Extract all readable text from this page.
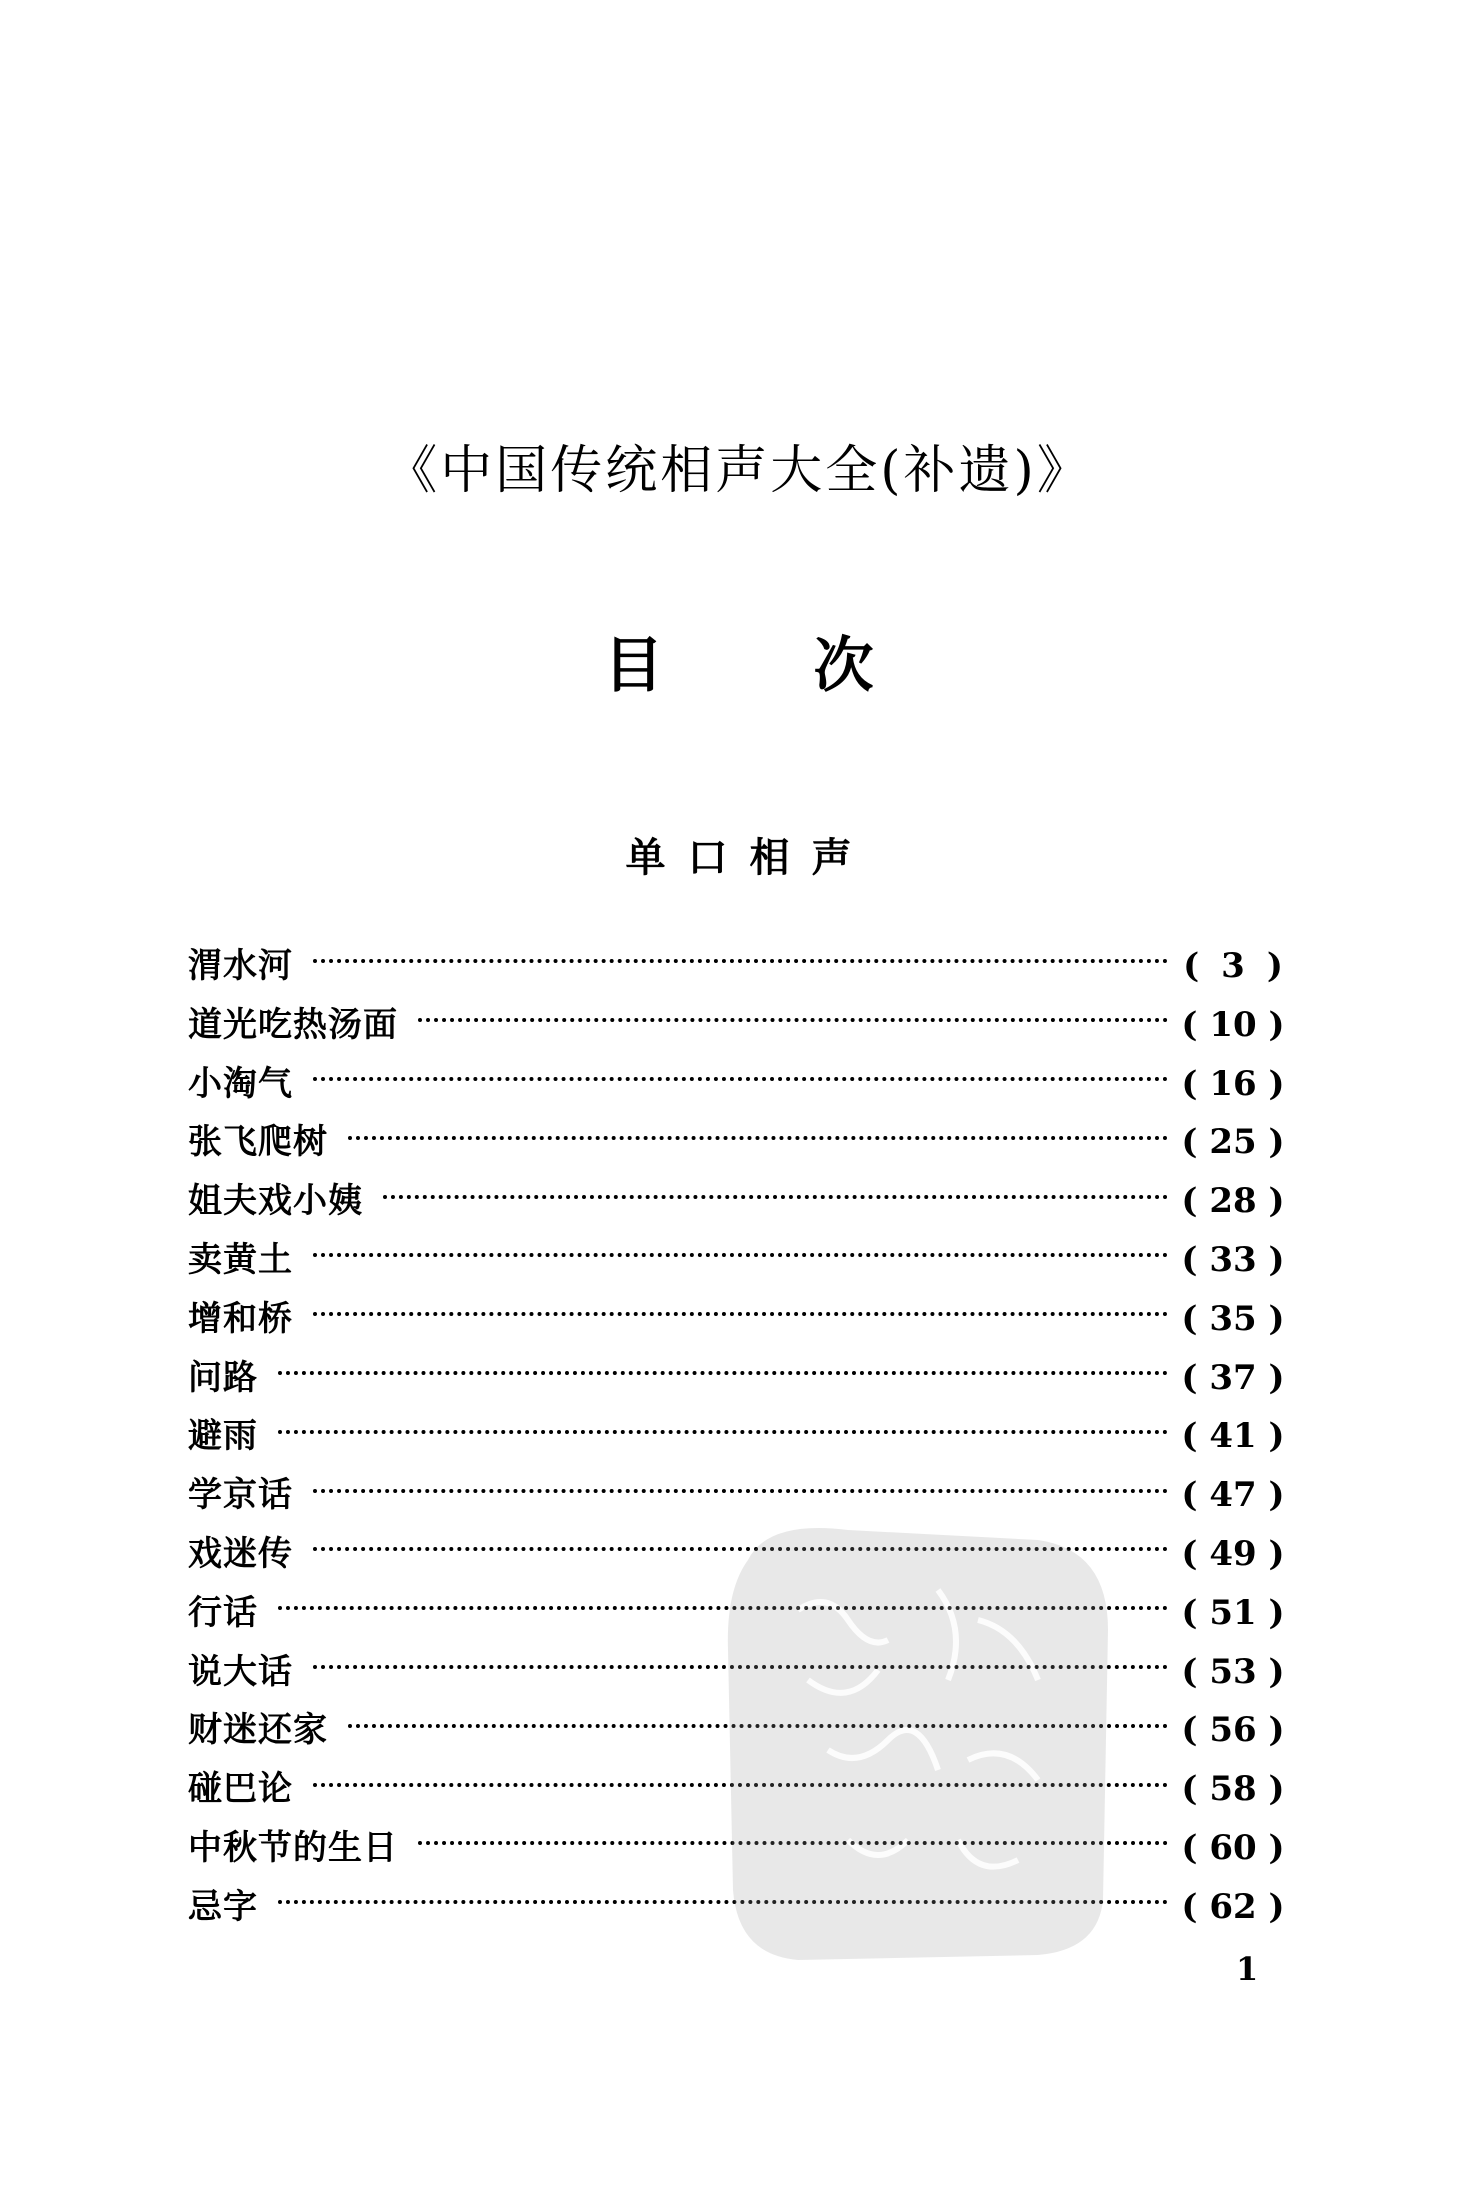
《中国传统相声大全(补遗)》
目	次
单口相声
渭水河	( 3 )
道光吃热汤面	( 10 )
小淘气	( 16 )
张飞爬树	( 25 )
姐夫戏小姨	( 28 )
卖黄土	( 33 )
增和桥	( 35 )
问路	( 37 )
避雨	( 41 )
学京话	( 47 )
戏迷传	( 49 )
行话	( 51 )
说大话	( 53 )
财迷还家	( 56 )
碰巴论	( 58 )
中秋节的生日	( 60 )
忌字	( 62 )
1
